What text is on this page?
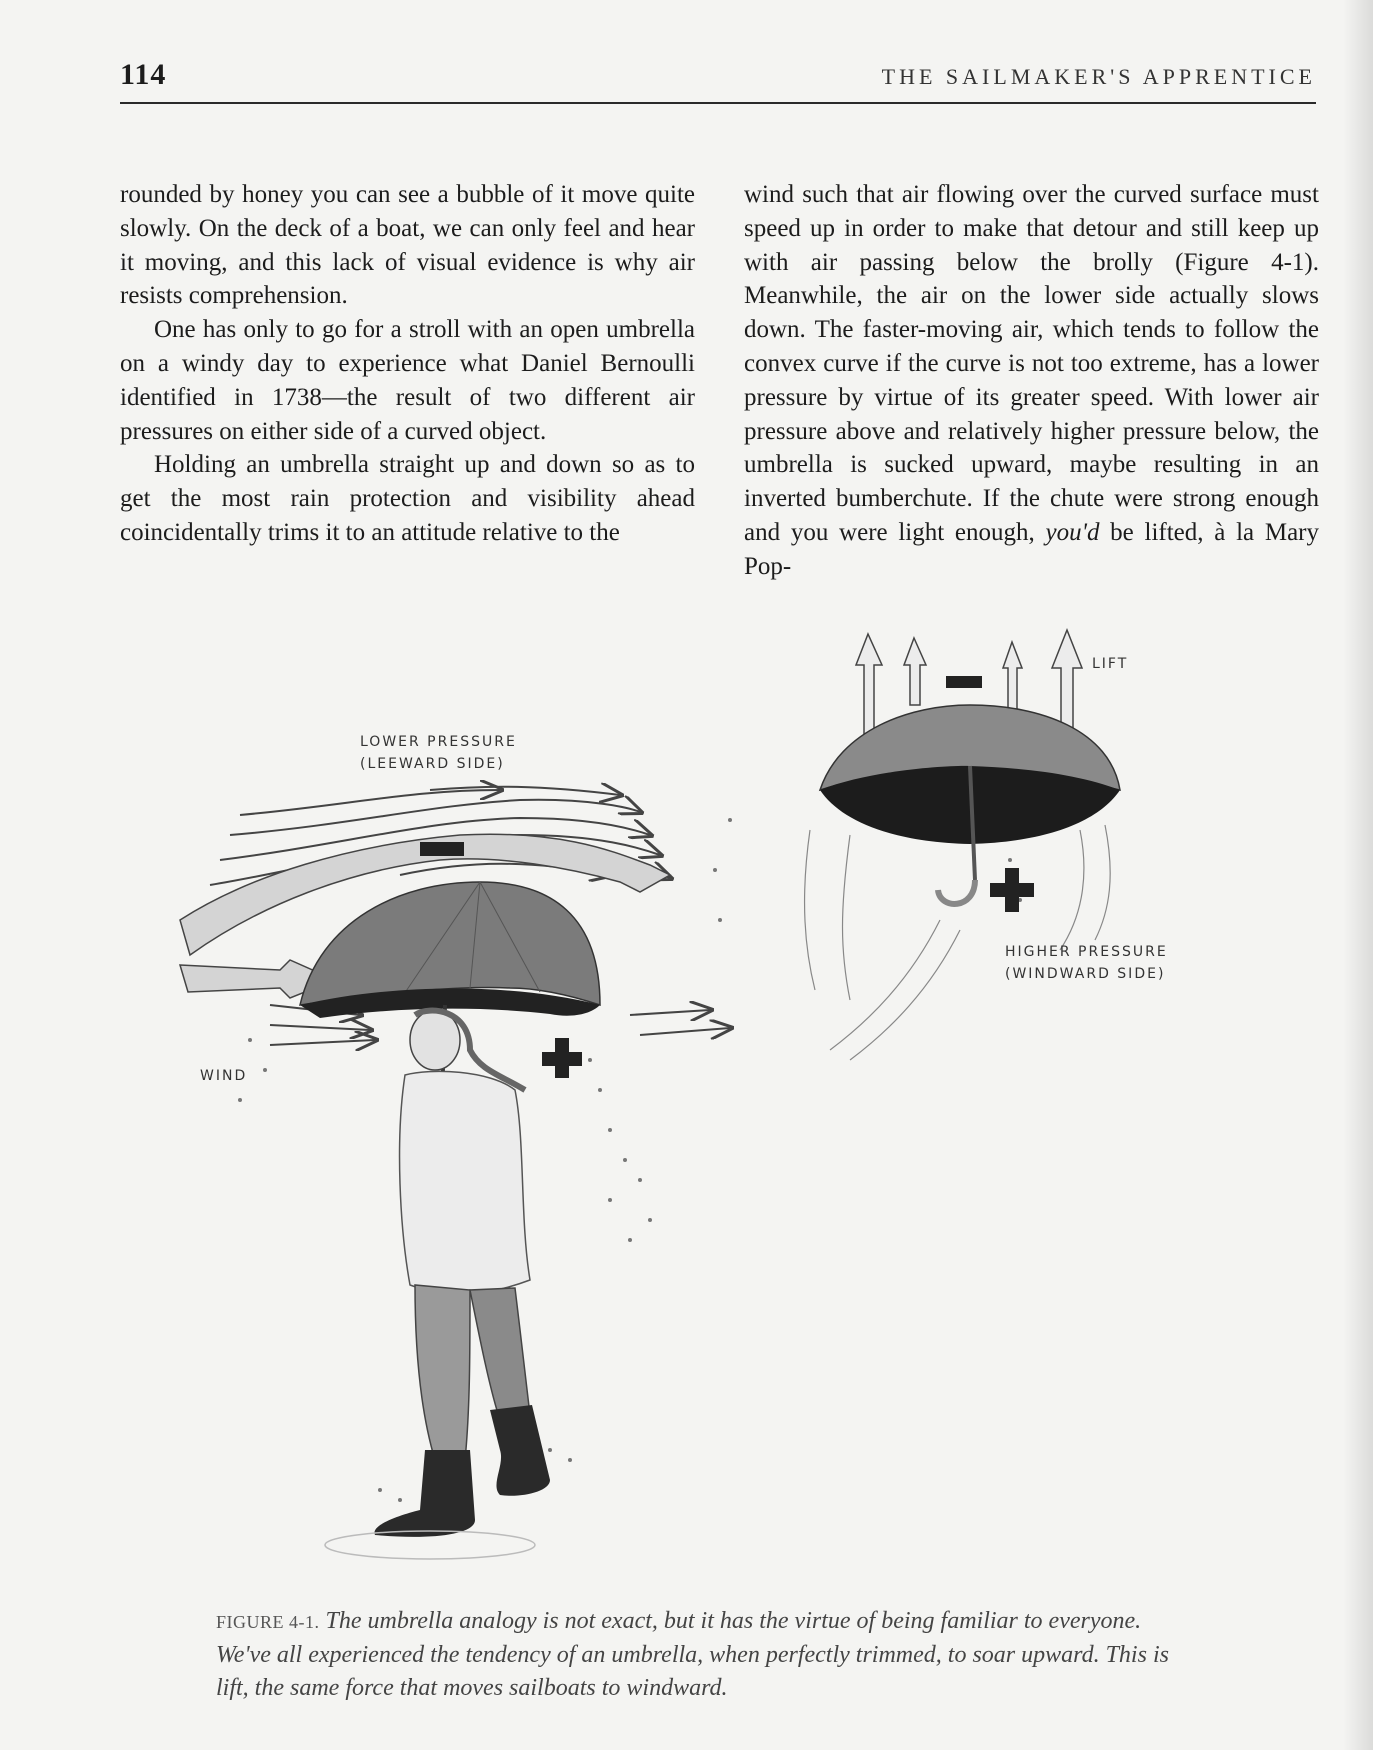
114	THE SAILMAKER'S APPRENTICE

rounded by honey you can see a bubble of it move quite slowly. On the deck of a boat, we can only feel and hear it moving, and this lack of visual evidence is why air resists comprehension.

One has only to go for a stroll with an open umbrella on a windy day to experience what Daniel Bernoulli identified in 1738—the result of two different air pressures on either side of a curved object.

Holding an umbrella straight up and down so as to get the most rain protection and visibility ahead coincidentally trims it to an attitude relative to the

wind such that air flowing over the curved surface must speed up in order to make that detour and still keep up with air passing below the brolly (Figure 4-1). Meanwhile, the air on the lower side actually slows down. The faster-moving air, which tends to follow the convex curve if the curve is not too extreme, has a lower pressure by virtue of its greater speed. With lower air pressure above and relatively higher pressure below, the umbrella is sucked upward, maybe resulting in an inverted bumberchute. If the chute were strong enough and you were light enough, you'd be lifted, à la Mary Pop-

LOWER PRESSURE
(LEEWARD SIDE)
WIND
LIFT
HIGHER PRESSURE
(WINDWARD SIDE)
FIGURE 4-1. The umbrella analogy is not exact, but it has the virtue of being familiar to everyone. We've all experienced the tendency of an umbrella, when perfectly trimmed, to soar upward. This is lift, the same force that moves sailboats to windward.
